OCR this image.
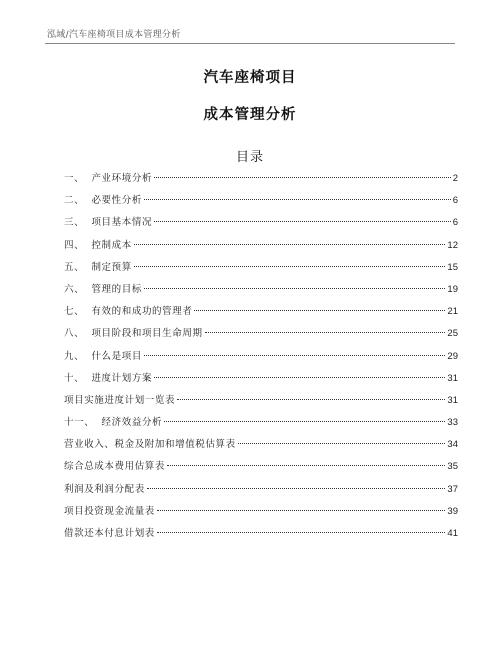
泓域/汽车座椅项目成本管理分析
汽车座椅项目
成本管理分析
目录
一、  产业环境分析	2
二、  必要性分析	6
三、  项目基本情况	6
四、  控制成本	12
五、  制定预算	15
六、  管理的目标	19
七、  有效的和成功的管理者	21
八、  项目阶段和项目生命周期	25
九、  什么是项目	29
十、  进度计划方案	31
项目实施进度计划一览表	31
十一、  经济效益分析	33
营业收入、税金及附加和增值税估算表	34
综合总成本费用估算表	35
利润及利润分配表	37
项目投资现金流量表	39
借款还本付息计划表	41
